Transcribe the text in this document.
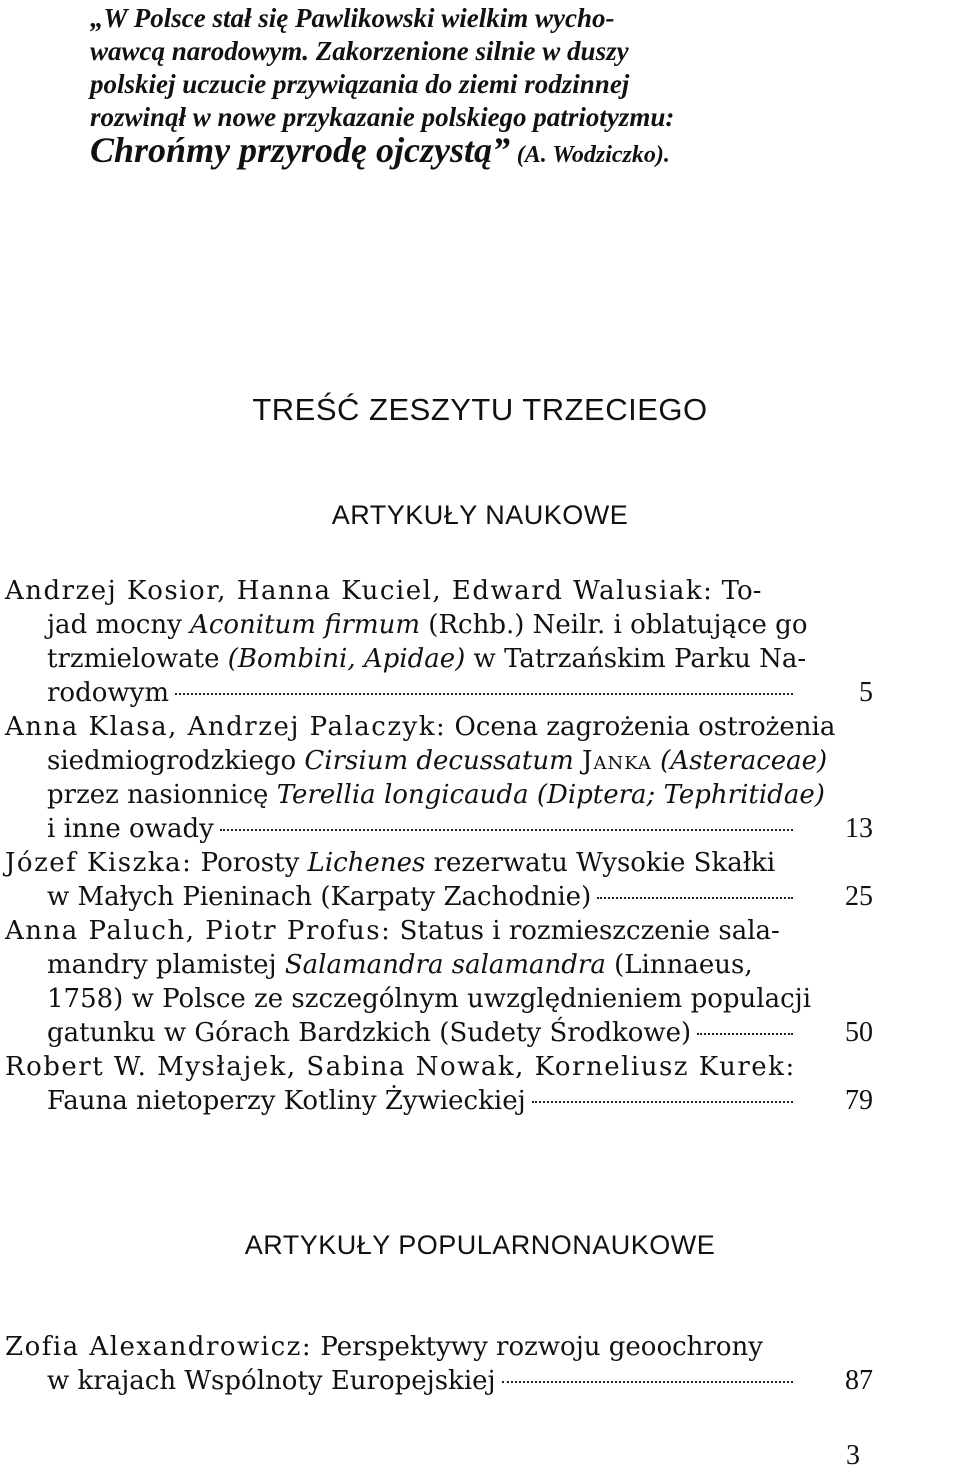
„W Polsce stał się Pawlikowski wielkim wycho-
wawcą narodowym. Zakorzenione silnie w duszy
polskiej uczucie przywiązania do ziemi rodzinnej
rozwinął w nowe przykazanie polskiego patriotyzmu:
Chrońmy przyrodę ojczystą” (A. Wodziczko).
TREŚĆ ZESZYTU TRZECIEGO
ARTYKUŁY NAUKOWE
Andrzej Kosior, Hanna Kuciel, Edward Walusiak: To-
jad mocny Aconitum firmum (Rchb.) Neilr. i oblatujące go
trzmielowate (Bombini, Apidae) w Tatrzańskim Parku Na-
rodowym	5
Anna Klasa, Andrzej Palaczyk: Ocena zagrożenia ostrożenia
siedmiogrodzkiego Cirsium decussatum Janka (Asteraceae)
przez nasionnicę Terellia longicauda (Diptera; Tephritidae)
i inne owady	13
Józef Kiszka: Porosty Lichenes rezerwatu Wysokie Skałki
w Małych Pieninach (Karpaty Zachodnie)	25
Anna Paluch, Piotr Profus: Status i rozmieszczenie sala-
mandry plamistej Salamandra salamandra (Linnaeus,
1758) w Polsce ze szczególnym uwzględnieniem populacji
gatunku w Górach Bardzkich (Sudety Środkowe)	50
Robert W. Mysłajek, Sabina Nowak, Korneliusz Kurek:
Fauna nietoperzy Kotliny Żywieckiej	79
ARTYKUŁY POPULARNONAUKOWE
Zofia Alexandrowicz: Perspektywy rozwoju geoochrony
w krajach Wspólnoty Europejskiej	87
3
